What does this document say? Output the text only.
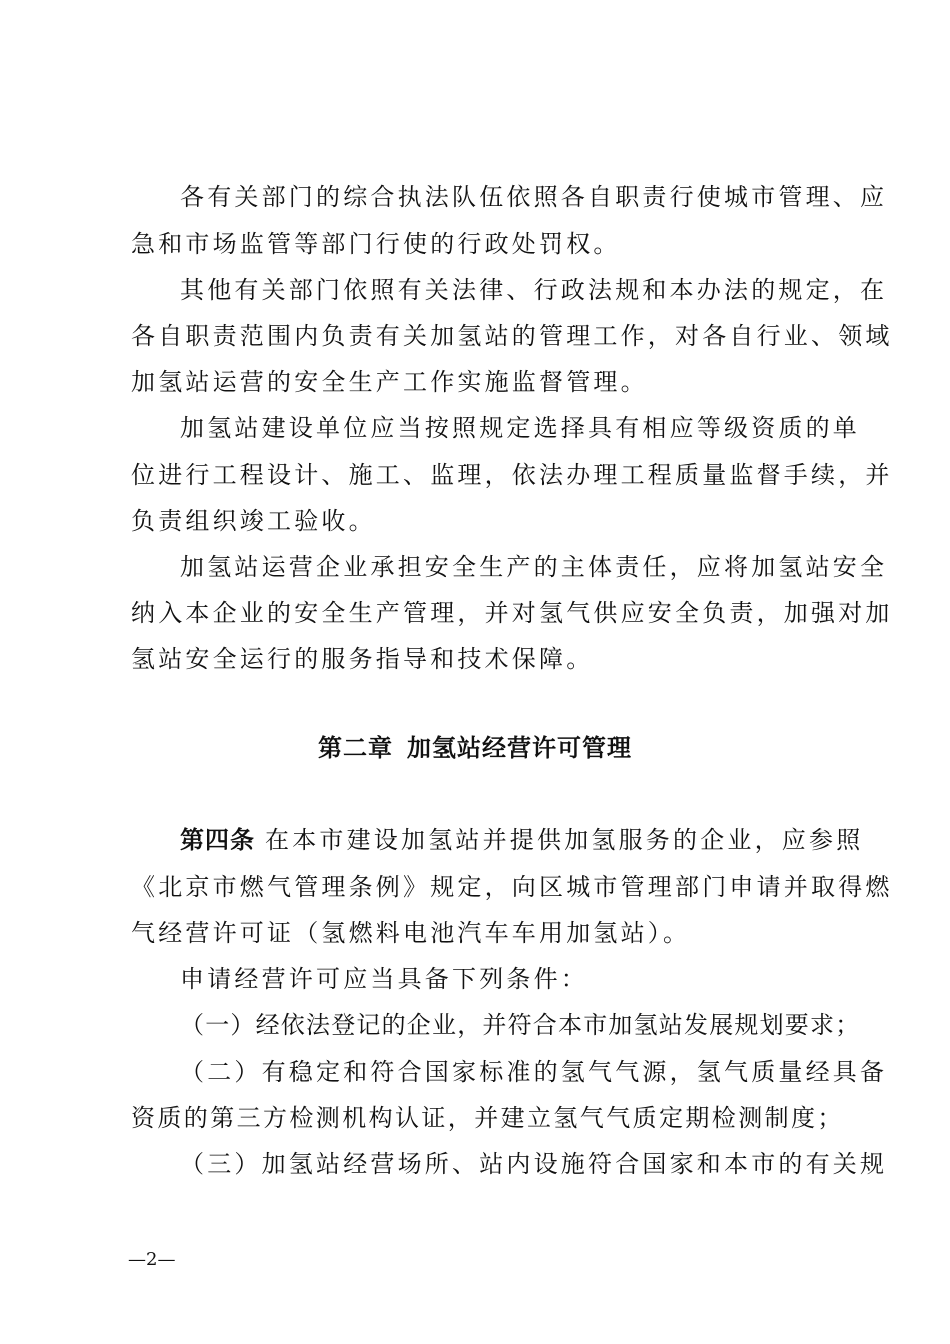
各有关部门的综合执法队伍依照各自职责行使城市管理、应
急和市场监管等部门行使的行政处罚权。
其他有关部门依照有关法律、行政法规和本办法的规定，在
各自职责范围内负责有关加氢站的管理工作，对各自行业、领域
加氢站运营的安全生产工作实施监督管理。
加氢站建设单位应当按照规定选择具有相应等级资质的单
位进行工程设计、施工、监理，依法办理工程质量监督手续，并
负责组织竣工验收。
加氢站运营企业承担安全生产的主体责任，应将加氢站安全
纳入本企业的安全生产管理，并对氢气供应安全负责，加强对加
氢站安全运行的服务指导和技术保障。
第二章 加氢站经营许可管理
第四条 在本市建设加氢站并提供加氢服务的企业，应参照
《北京市燃气管理条例》规定，向区城市管理部门申请并取得燃
气经营许可证（氢燃料电池汽车车用加氢站）。
申请经营许可应当具备下列条件：
（一）经依法登记的企业，并符合本市加氢站发展规划要求；
（二）有稳定和符合国家标准的氢气气源，氢气质量经具备
资质的第三方检测机构认证，并建立氢气气质定期检测制度；
（三）加氢站经营场所、站内设施符合国家和本市的有关规
—2—
